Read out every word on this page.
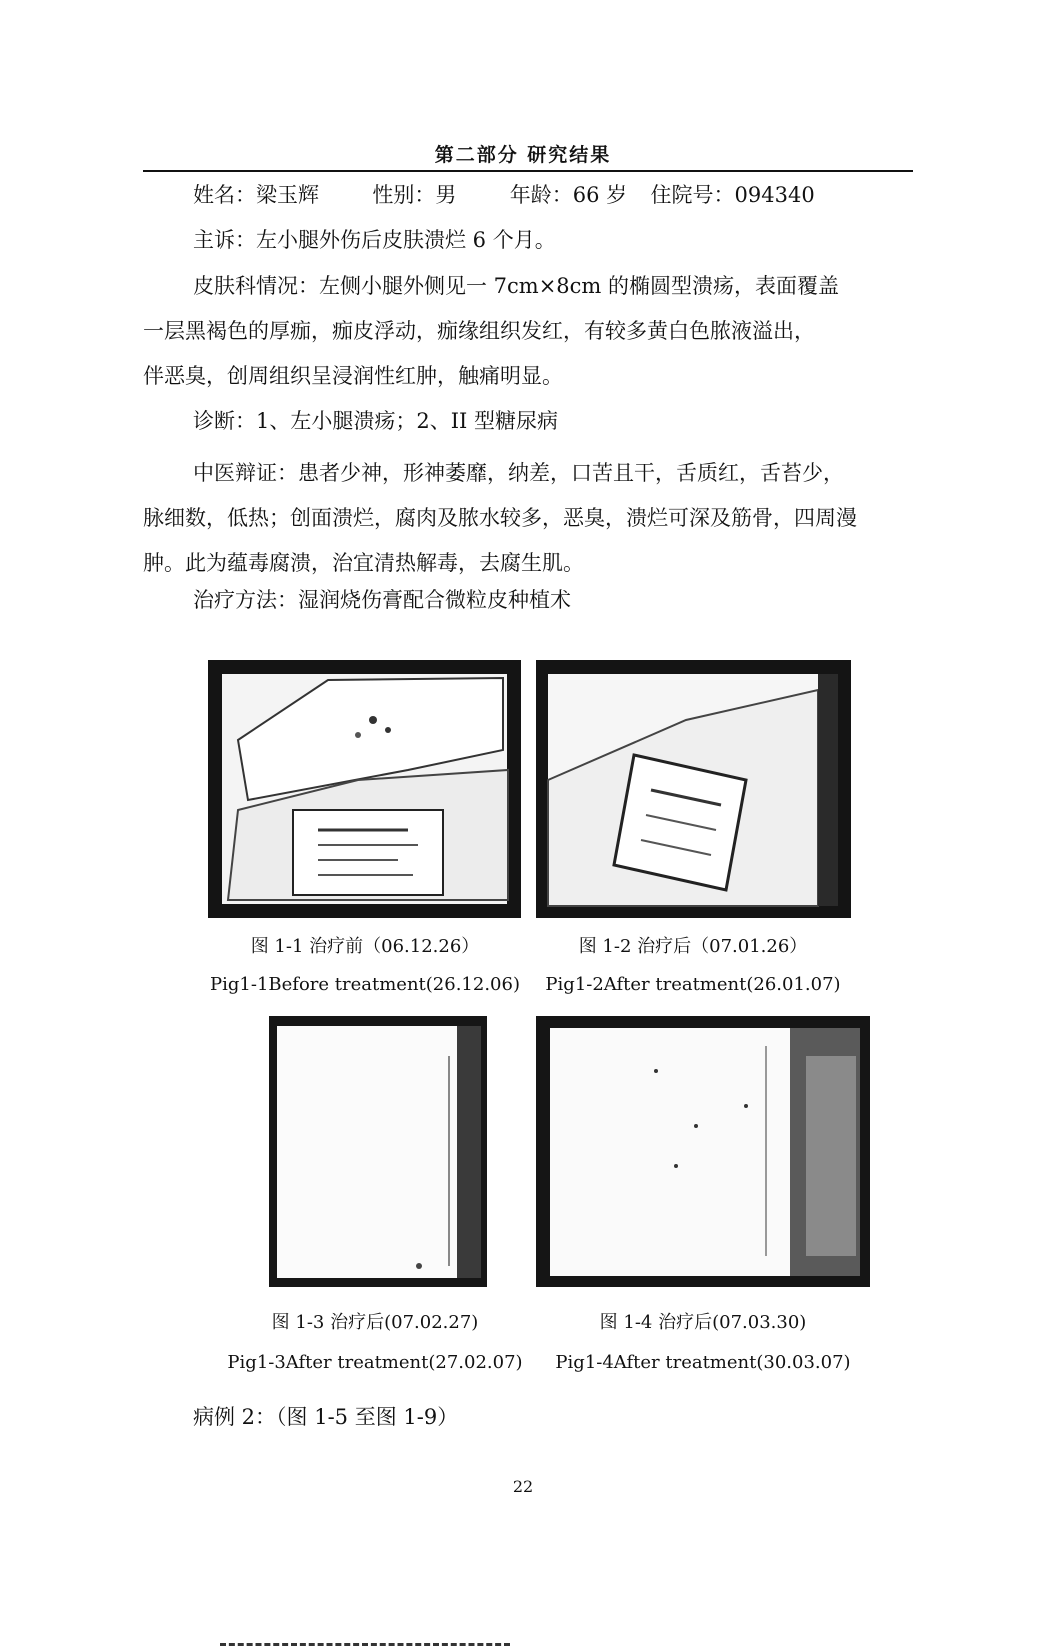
第二部分 研究结果
姓名：梁玉辉	性别：男	年龄：66 岁 住院号：094340
主诉：左小腿外伤后皮肤溃烂 6 个月。
皮肤科情况：左侧小腿外侧见一 7cm×8cm 的椭圆型溃疡，表面覆盖
一层黑褐色的厚痂，痂皮浮动，痂缘组织发红，有较多黄白色脓液溢出，
伴恶臭，创周组织呈浸润性红肿，触痛明显。
诊断：1、左小腿溃疡；2、II 型糖尿病
中医辩证：患者少神，形神萎靡，纳差，口苦且干，舌质红，舌苔少，
脉细数，低热；创面溃烂，腐肉及脓水较多，恶臭，溃烂可深及筋骨，四周漫
肿。此为蕴毒腐溃，治宜清热解毒，去腐生肌。
治疗方法：湿润烧伤膏配合微粒皮种植术
图 1-1 治疗前（06.12.26）
Pig1-1Before treatment(26.12.06)
图 1-2 治疗后（07.01.26）
Pig1-2After treatment(26.01.07)
图 1-3 治疗后(07.02.27)
Pig1-3After treatment(27.02.07)
图 1-4 治疗后(07.03.30)
Pig1-4After treatment(30.03.07)
病例 2：（图 1-5 至图 1-9）
22
